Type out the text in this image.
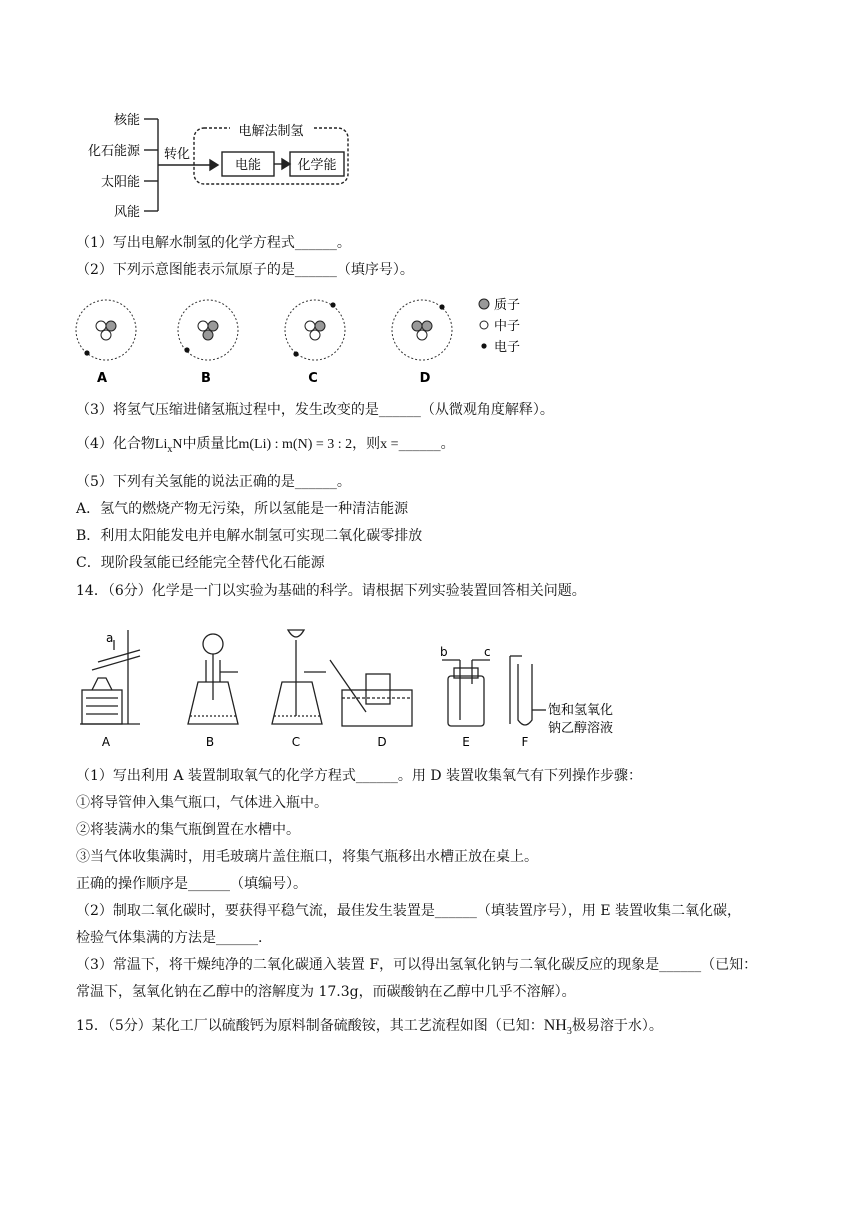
核能
化石能源
太阳能
风能
转化
电解法制氢
电能	化学能
（1）写出电解水制氢的化学方程式______。
（2）下列示意图能表示氚原子的是______（填序号）。
质子
中子
电子
A	B	C	D
（3）将氢气压缩进储氢瓶过程中，发生改变的是______（从微观角度解释）。
（4）化合物$Li_xN$中质量比m(Li) : m(N) = 3 : 2，则x =______。
（5）下列有关氢能的说法正确的是______。
A．氢气的燃烧产物无污染，所以氢能是一种清洁能源
B．利用太阳能发电并电解水制氢可实现二氧化碳零排放
C．现阶段氢能已经能完全替代化石能源
14．（6分）化学是一门以实验为基础的科学。请根据下列实验装置回答相关问题。
a
b	c
饱和氢氧化
钠乙醇溶液
A	B	C	D	E	F
（1）写出利用 A 装置制取氧气的化学方程式______。用 D 装置收集氧气有下列操作步骤：
①将导管伸入集气瓶口，气体进入瓶中。
②将装满水的集气瓶倒置在水槽中。
③当气体收集满时，用毛玻璃片盖住瓶口，将集气瓶移出水槽正放在桌上。
正确的操作顺序是______（填编号）。
（2）制取二氧化碳时，要获得平稳气流，最佳发生装置是______（填装置序号），用 E 装置收集二氧化碳，
检验气体集满的方法是______.
（3）常温下，将干燥纯净的二氧化碳通入装置 F，可以得出氢氧化钠与二氧化碳反应的现象是______（已知：
常温下，氢氧化钠在乙醇中的溶解度为 17.3g，而碳酸钠在乙醇中几乎不溶解）。
15．（5分）某化工厂以硫酸钙为原料制备硫酸铵，其工艺流程如图（已知：$NH_3$极易溶于水）。
